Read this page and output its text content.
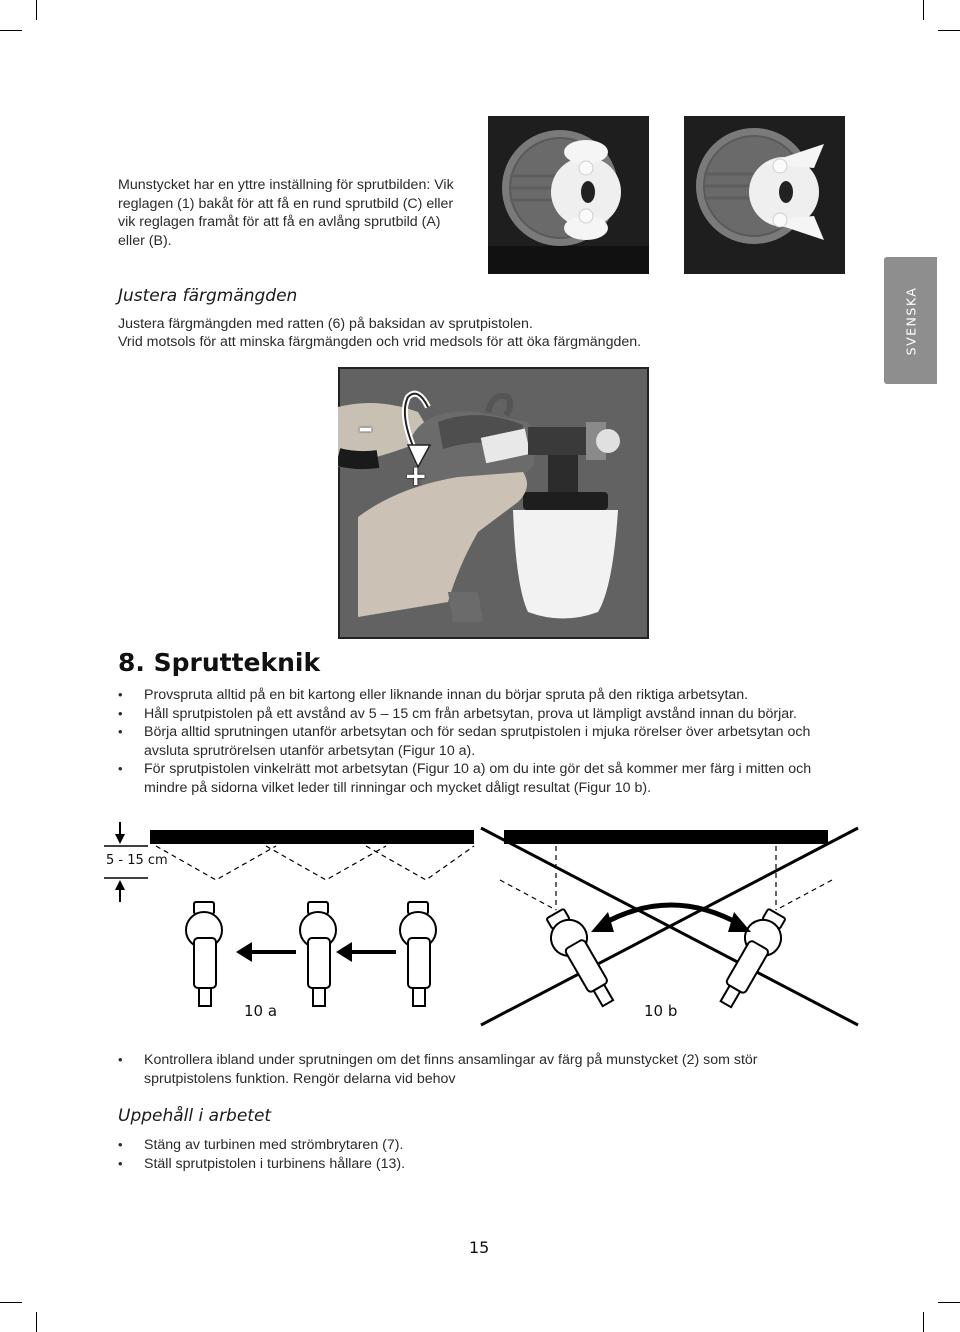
Munstycket har en yttre inställning för sprutbilden: Vik reglagen (1) bakåt för att få en rund sprutbild (C) eller vik reglagen framåt för att få en avlång sprutbild (A) eller (B).
Justera färgmängden
Justera färgmängden med ratten (6) på baksidan av sprutpistolen.
Vrid motsols för att minska färgmängden och vrid medsols för att öka färgmängden.	SVENSKA
–
+
8. Sprutteknik
• Provspruta alltid på en bit kartong eller liknande innan du börjar spruta på den riktiga arbetsytan.
• Håll sprutpistolen på ett avstånd av 5 – 15 cm från arbetsytan, prova ut lämpligt avstånd innan du börjar.
• Börja alltid sprutningen utanför arbetsytan och för sedan sprutpistolen i mjuka rörelser över arbetsytan och avsluta sprutrörelsen utanför arbetsytan (Figur 10 a).
• För sprutpistolen vinkelrätt mot arbetsytan (Figur 10 a) om du inte gör det så kommer mer färg i mitten och mindre på sidorna vilket leder till rinningar och mycket dåligt resultat (Figur 10 b).
5 - 15 cm
10 a	10 b
• Kontrollera ibland under sprutningen om det finns ansamlingar av färg på munstycket (2) som stör sprutpistolens funktion. Rengör delarna vid behov
Uppehåll i arbetet
• Stäng av turbinen med strömbrytaren (7).
• Ställ sprutpistolen i turbinens hållare (13).
15
